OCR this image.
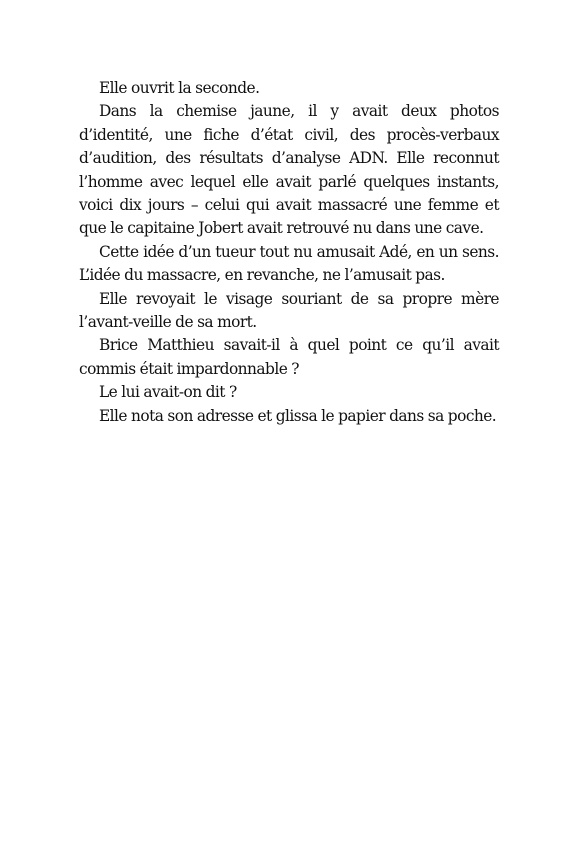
Elle ouvrit la seconde.

Dans la chemise jaune, il y avait deux photos d’identité, une fiche d’état civil, des procès-verbaux d’audition, des résultats d’analyse ADN. Elle reconnut l’homme avec lequel elle avait parlé quelques instants, voici dix jours – celui qui avait massacré une femme et que le capitaine Jobert avait retrouvé nu dans une cave.

Cette idée d’un tueur tout nu amusait Adé, en un sens. L’idée du massacre, en revanche, ne l’amusait pas.

Elle revoyait le visage souriant de sa propre mère l’avant-veille de sa mort.

Brice Matthieu savait-il à quel point ce qu’il avait commis était impardonnable ?

Le lui avait-on dit ?

Elle nota son adresse et glissa le papier dans sa poche.
